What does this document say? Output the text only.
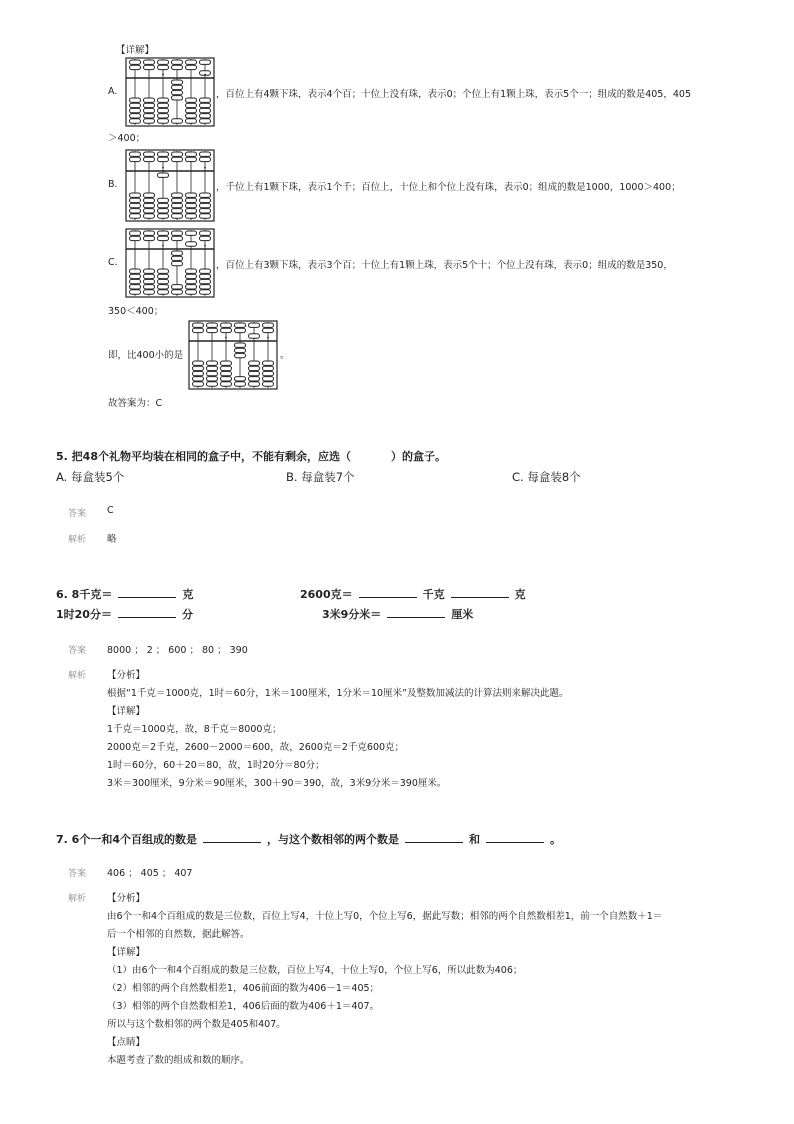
【详解】
A.	，百位上有4颗下珠，表示4个百；十位上没有珠，表示0；个位上有1颗上珠，表示5个一；组成的数是405，405
＞400；
B.	，千位上有1颗下珠，表示1个千；百位上，十位上和个位上没有珠，表示0；组成的数是1000，1000＞400；
C.	，百位上有3颗下珠，表示3个百；十位上有1颗上珠，表示5个十；个位上没有珠，表示0；组成的数是350，
350＜400；
即，比400小的是	。
故答案为：C
5. 把48个礼物平均装在相同的盒子中，不能有剩余，应选（	）的盒子。
A. 每盒装5个	B. 每盒装7个	C. 每盒装8个
答案 C
解析 略
6. 8千克＝	克	2600克＝	千克	克
1时20分＝	分	3米9分米＝	厘米
答案 8000 ； 2 ； 600 ； 80 ； 390
解析 【分析】
根据“1千克＝1000克，1时＝60分，1米＝100厘米，1分米＝10厘米”及整数加减法的计算法则来解决此题。
【详解】
1千克＝1000克，故，8千克＝8000克；
2000克＝2千克，2600－2000＝600，故，2600克＝2千克600克；
1时＝60分，60＋20＝80，故，1时20分＝80分；
3米＝300厘米，9分米＝90厘米，300＋90＝390，故，3米9分米＝390厘米。
7. 6个一和4个百组成的数是	，与这个数相邻的两个数是	和	。
答案 406 ； 405 ； 407
解析 【分析】
由6个一和4个百组成的数是三位数，百位上写4，十位上写0，个位上写6，据此写数；相邻的两个自然数相差1，前一个自然数＋1＝
后一个相邻的自然数，据此解答。
【详解】
（1）由6个一和4个百组成的数是三位数，百位上写4，十位上写0，个位上写6，所以此数为406；
（2）相邻的两个自然数相差1，406前面的数为406－1＝405；
（3）相邻的两个自然数相差1，406后面的数为406＋1＝407。
所以与这个数相邻的两个数是405和407。
【点睛】
本题考查了数的组成和数的顺序。
